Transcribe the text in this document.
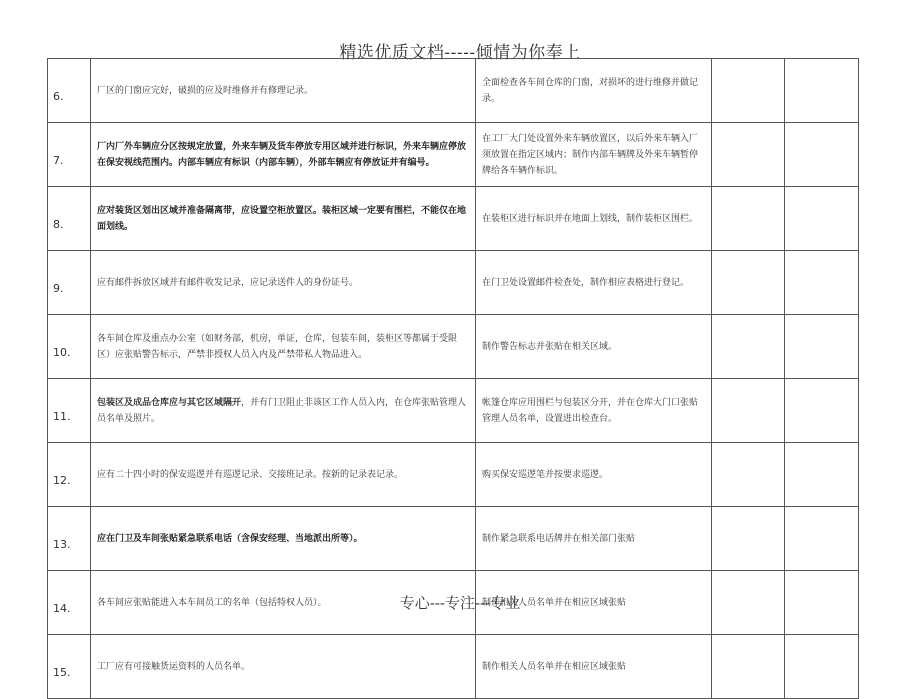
精选优质文档-----倾情为你奉上
6.	厂区的门窗应完好，破损的应及时维修并有修理记录。	全面检查各车间仓库的门窗，对损坏的进行维修并做记录。		
7.	厂内厂外车辆应分区按规定放置，外来车辆及货车停放专用区域并进行标识，外来车辆应停放在保安视线范围内。内部车辆应有标识（内部车辆），外部车辆应有停放证并有编号。	在工厂大门处设置外来车辆放置区，以后外来车辆入厂须放置在指定区域内；制作内部车辆牌及外来车辆暂停牌给各车辆作标识。		
8.	应对装货区划出区域并准备隔离带，应设置空柜放置区。装柜区域一定要有围栏，不能仅在地面划线。	在装柜区进行标识并在地面上划线，制作装柜区围栏。		
9.	应有邮件拆放区域并有邮件收发记录，应记录送件人的身份证号。	在门卫处设置邮件检查处，制作相应表格进行登记。		
10.	各车间仓库及重点办公室（如财务部，机房，单证，仓库，包装车间，装柜区等都属于受限区）应张贴警告标示，严禁非授权人员入内及严禁带私人物品进入。	制作警告标志并张贴在相关区域。		
11.	包装区及成品仓库应与其它区域隔开，并有门卫阻止非该区工作人员入内，在仓库张贴管理人员名单及照片。	帐篷仓库应用围栏与包装区分开，并在仓库大门口张贴管理人员名单，设置进出检查台。		
12.	应有二十四小时的保安巡逻并有巡逻记录、交接班记录。按新的记录表记录。	购买保安巡逻笔并按要求巡逻。		
13.	应在门卫及车间张贴紧急联系电话（含保安经理、当地派出所等）。	制作紧急联系电话牌并在相关部门张贴		
14.	各车间应张贴能进入本车间员工的名单（包括特权人员）。	制作相关人员名单并在相应区域张贴		
15.	工厂应有可接触货运资料的人员名单。	制作相关人员名单并在相应区域张贴		
专心---专注---专业
